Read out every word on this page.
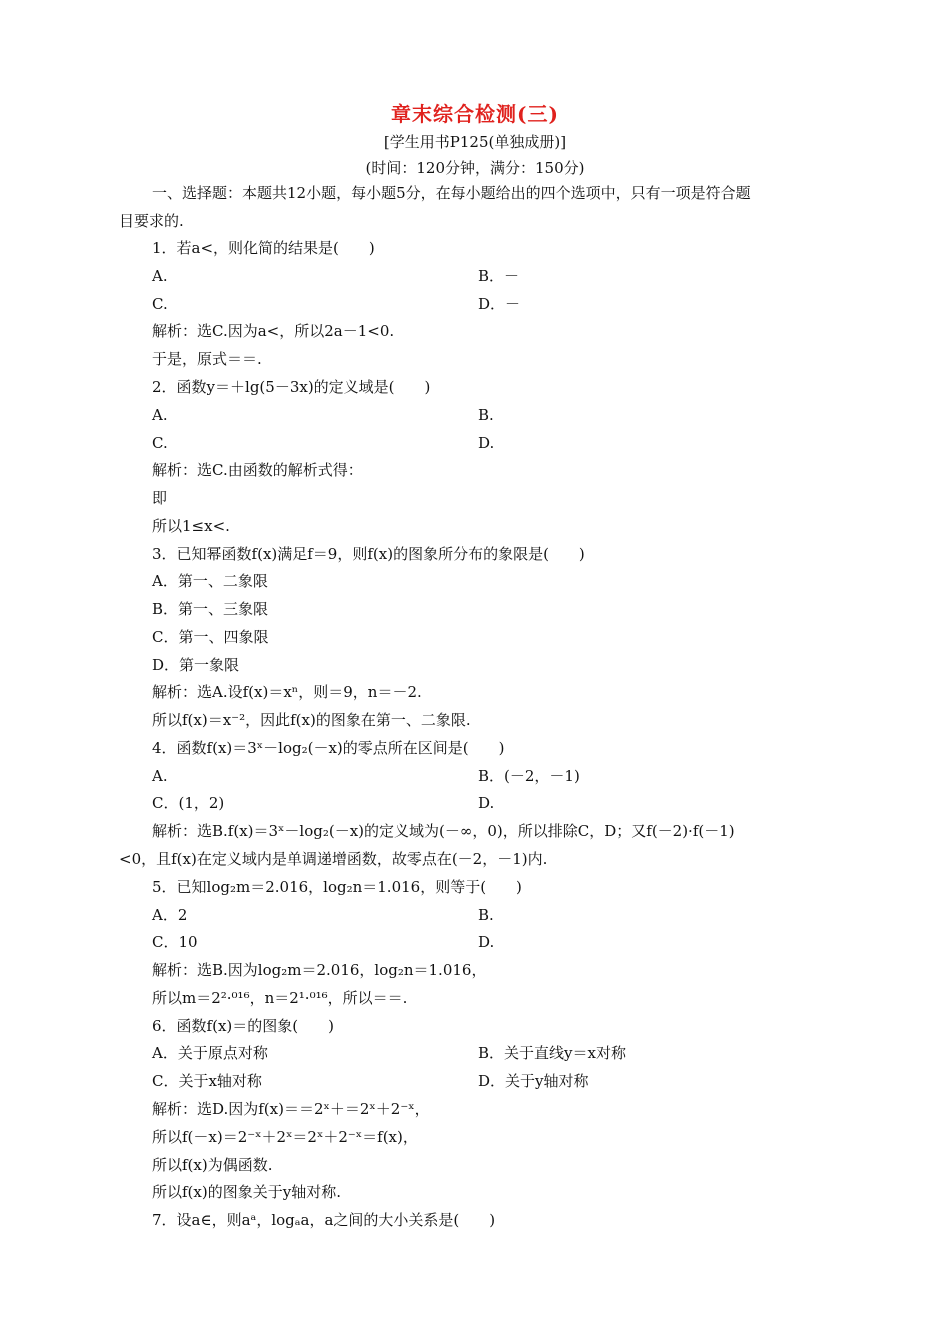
章末综合检测(三)
[学生用书P125(单独成册)]
(时间：120分钟，满分：150分)
一、选择题：本题共12小题，每小题5分，在每小题给出的四个选项中，只有一项是符合题
目要求的.
1．若a<，则化简的结果是(　　)
A.	B．－
C.	D．－
解析：选C.因为a<，所以2a－1<0.
于是，原式＝＝.
2．函数y＝＋lg(5－3x)的定义域是(　　)
A.	B.
C.	D.
解析：选C.由函数的解析式得：
即
所以1≤x<.
3．已知幂函数f(x)满足f＝9，则f(x)的图象所分布的象限是(　　)
A．第一、二象限
B．第一、三象限
C．第一、四象限
D．第一象限
解析：选A.设f(x)＝xⁿ，则＝9，n＝－2.
所以f(x)＝x⁻²，因此f(x)的图象在第一、二象限.
4．函数f(x)＝3ˣ－log₂(－x)的零点所在区间是(　　)
A.	B．(－2，－1)
C．(1，2)	D.
解析：选B.f(x)＝3ˣ－log₂(－x)的定义域为(－∞，0)，所以排除C，D；又f(－2)·f(－1)
<0，且f(x)在定义域内是单调递增函数，故零点在(－2，－1)内.
5．已知log₂m＝2.016，log₂n＝1.016，则等于(　　)
A．2	B.
C．10	D.
解析：选B.因为log₂m＝2.016，log₂n＝1.016，
所以m＝2²·⁰¹⁶，n＝2¹·⁰¹⁶，所以＝＝.
6．函数f(x)＝的图象(　　)
A．关于原点对称	B．关于直线y＝x对称
C．关于x轴对称	D．关于y轴对称
解析：选D.因为f(x)＝＝2ˣ＋＝2ˣ＋2⁻ˣ，
所以f(－x)＝2⁻ˣ＋2ˣ＝2ˣ＋2⁻ˣ＝f(x)，
所以f(x)为偶函数.
所以f(x)的图象关于y轴对称.
7．设a∈，则aᵃ，logₐa，a之间的大小关系是(　　)
